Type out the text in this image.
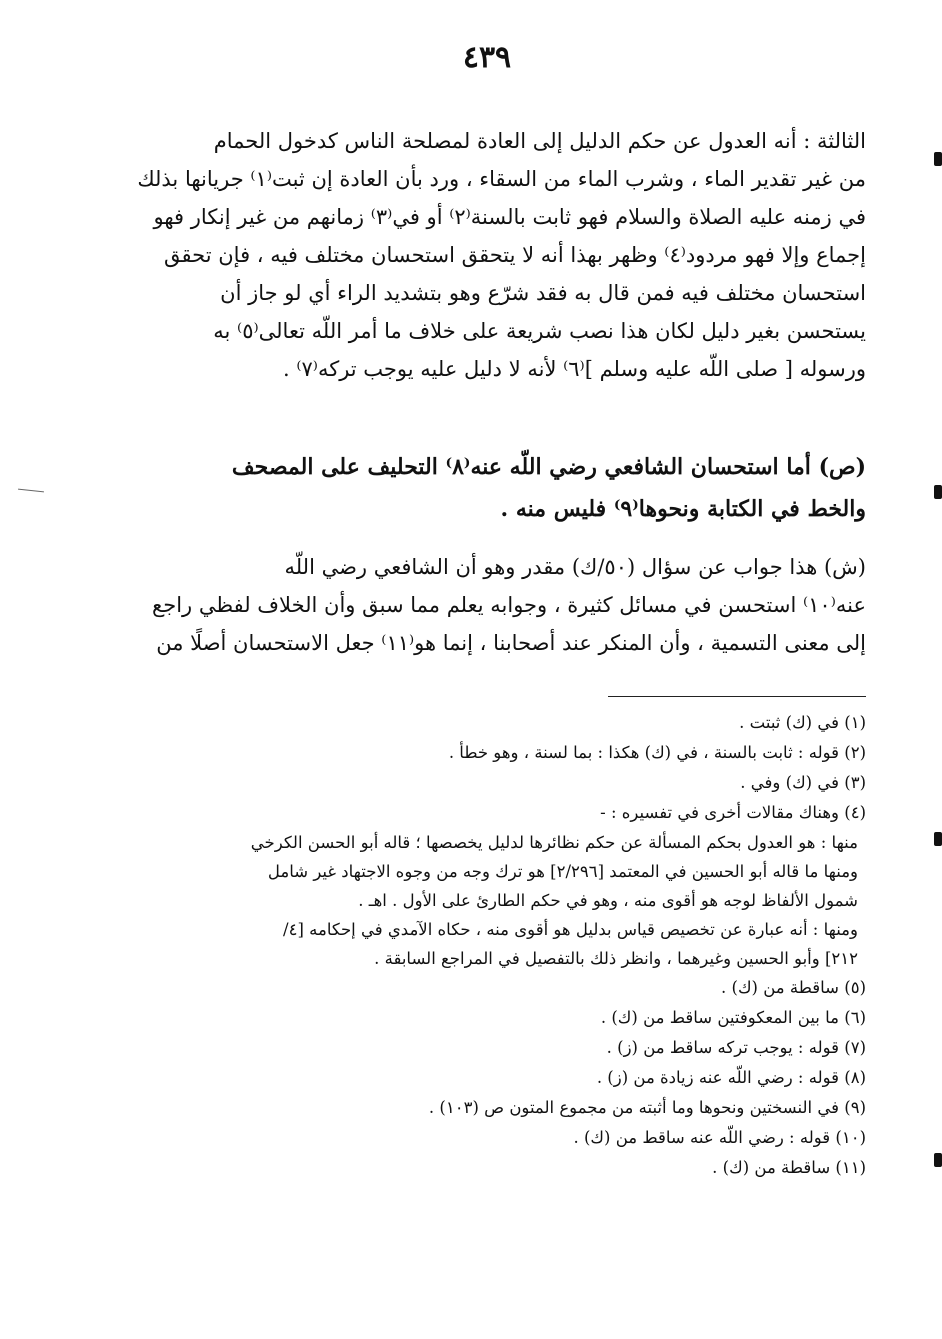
٤٣٩
الثالثة : أنه العدول عن حكم الدليل إلى العادة لمصلحة الناس كدخول الحمام
من غير تقدير الماء ، وشرب الماء من السقاء ، ورد بأن العادة إن ثبت⁽١⁾ جريانها بذلك
في زمنه عليه الصلاة والسلام فهو ثابت بالسنة⁽٢⁾ أو في⁽٣⁾ زمانهم من غير إنكار فهو
إجماع وإلا فهو مردود⁽٤⁾ وظهر بهذا أنه لا يتحقق استحسان مختلف فيه ، فإن تحقق
استحسان مختلف فيه فمن قال به فقد شرّع وهو بتشديد الراء أي لو جاز أن
يستحسن بغير دليل لكان هذا نصب شريعة على خلاف ما أمر اللّه تعالى⁽٥⁾ به
ورسوله [ صلى اللّه عليه وسلم ]⁽٦⁾ لأنه لا دليل عليه يوجب تركه⁽٧⁾ .
(ص) أما استحسان الشافعي رضي اللّه عنه⁽٨⁾ التحليف على المصحف
والخط في الكتابة ونحوها⁽٩⁾ فليس منه .
(ش) هذا جواب عن سؤال (٥٠/ك) مقدر وهو أن الشافعي رضي اللّه
عنه⁽١٠⁾ استحسن في مسائل كثيرة ، وجوابه يعلم مما سبق وأن الخلاف لفظي راجع
إلى معنى التسمية ، وأن المنكر عند أصحابنا ، إنما هو⁽١١⁾ جعل الاستحسان أصلًا من
(١) في (ك) ثبتت .
(٢) قوله : ثابت بالسنة ، في (ك) هكذا : بما لسنة ، وهو خطأ .
(٣) في (ك) وفي .
(٤) وهناك مقالات أخرى في تفسيره : -
منها : هو العدول بحكم المسألة عن حكم نظائرها لدليل يخصصها ؛ قاله أبو الحسن الكرخي
ومنها ما قاله أبو الحسين في المعتمد [٢/٢٩٦] هو ترك وجه من وجوه الاجتهاد غير شامل
شمول الألفاظ لوجه هو أقوى منه ، وهو في حكم الطارئ على الأول . اهـ .
ومنها : أنه عبارة عن تخصيص قياس بدليل هو أقوى منه ، حكاه الآمدي في إحكامه [٤/
٢١٢] وأبو الحسين وغيرهما ، وانظر ذلك بالتفصيل في المراجع السابقة .
(٥) ساقطة من (ك) .
(٦) ما بين المعكوفتين ساقط من (ك) .
(٧) قوله : يوجب تركه ساقط من (ز) .
(٨) قوله : رضي اللّه عنه زيادة من (ز) .
(٩) في النسختين ونحوها وما أثبته من مجموع المتون ص (١٠٣) .
(١٠) قوله : رضي اللّه عنه ساقط من (ك) .
(١١) ساقطة من (ك) .
